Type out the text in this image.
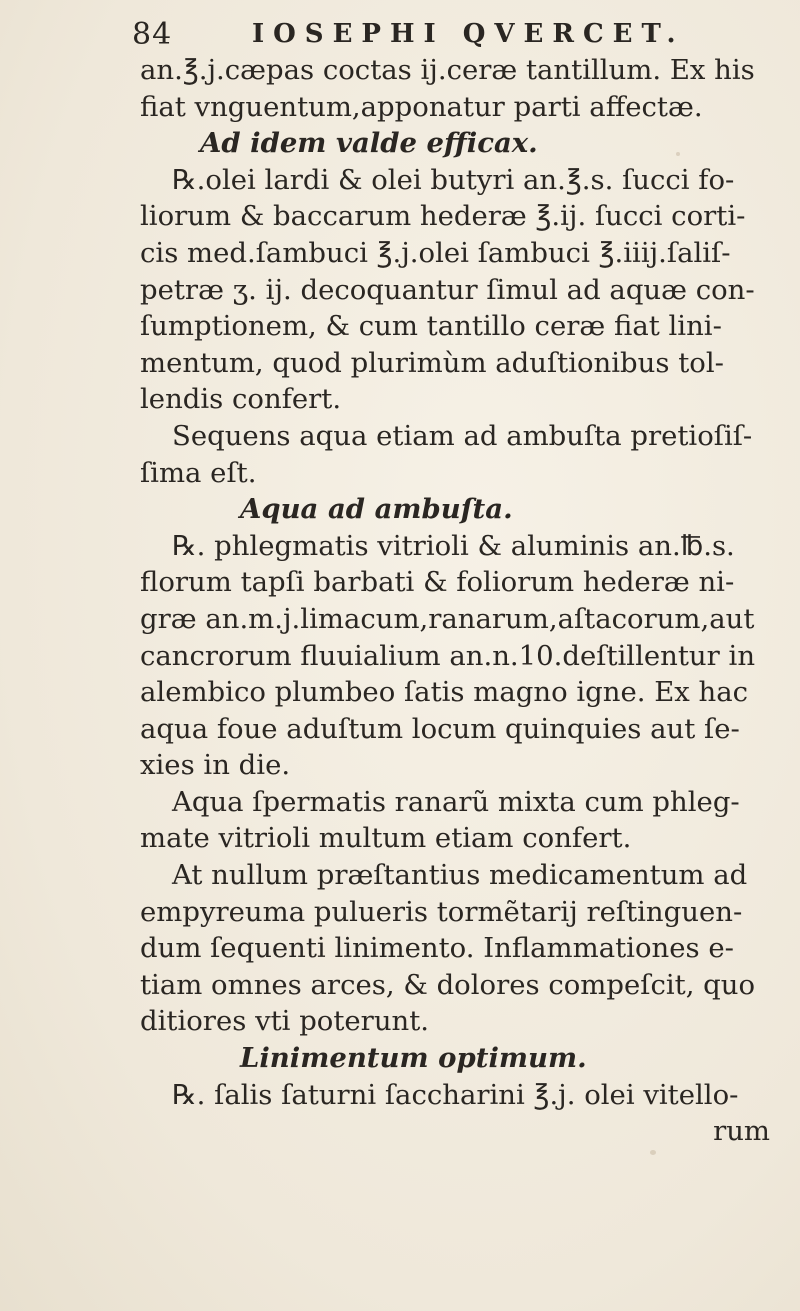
84	IOSEPHI QVERCET.
an.℥.j.cæpas coctas ij.ceræ tantillum. Ex his
fiat vnguentum,apponatur parti affectæ.
Ad idem valde efficax.
℞.olei lardi & olei butyri an.℥.s. ſucci fo-
liorum & baccarum hederæ ℥.ij. ſucci corti-
cis med.ſambuci ℥.j.olei ſambuci ℥.iiij.ſaliſ-
petræ ʒ. ij. decoquantur ſimul ad aquæ con-
ſumptionem, & cum tantillo ceræ fiat lini-
mentum, quod plurimùm aduſtionibus tol-
lendis confert.
Sequens aqua etiam ad ambuſta pretioſiſ-
ſima eſt.
Aqua ad ambuſta.
℞. phlegmatis vitrioli & aluminis an.℔.s.
florum tapſi barbati & foliorum hederæ ni-
græ an.m.j.limacum,ranarum,aſtacorum,aut
cancrorum fluuialium an.n.10.deſtillentur in
alembico plumbeo ſatis magno igne. Ex hac
aqua foue aduſtum locum quinquies aut ſe-
xies in die.
Aqua ſpermatis ranarũ mixta cum phleg-
mate vitrioli multum etiam confert.
At nullum præſtantius medicamentum ad
empyreuma pulueris tormẽtarij reſtinguen-
dum ſequenti linimento. Inflammationes e-
tiam omnes arces, & dolores compeſcit, quo
ditiores vti poterunt.
Linimentum optimum.
℞. ſalis ſaturni ſaccharini ℥.j. olei vitello-
rum
